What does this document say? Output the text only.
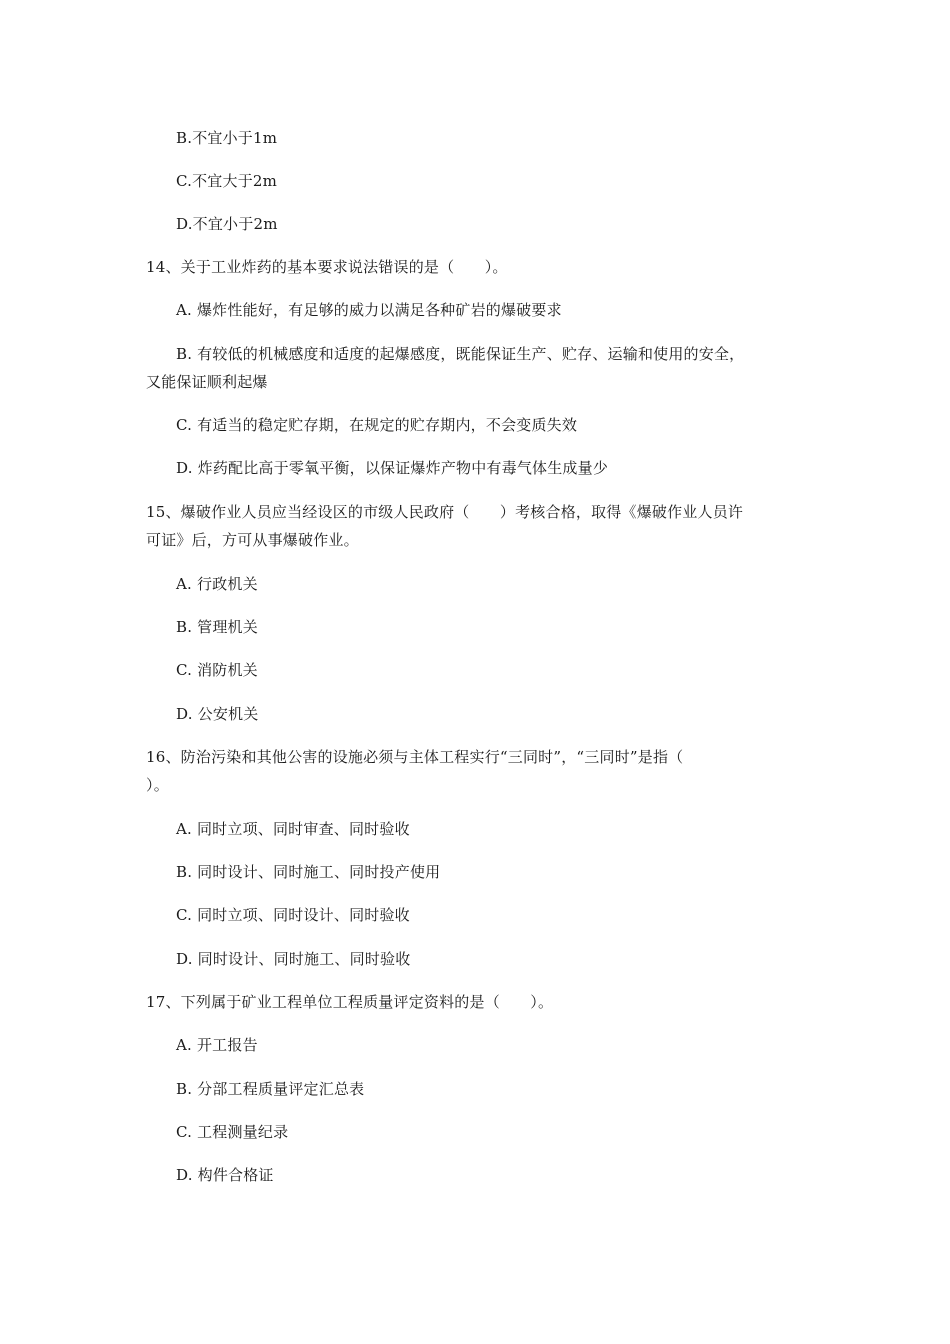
B.不宜小于1m
C.不宜大于2m
D.不宜小于2m
14、关于工业炸药的基本要求说法错误的是（　　）。
A. 爆炸性能好，有足够的威力以满足各种矿岩的爆破要求
B. 有较低的机械感度和适度的起爆感度，既能保证生产、贮存、运输和使用的安全，
又能保证顺利起爆
C. 有适当的稳定贮存期，在规定的贮存期内，不会变质失效
D. 炸药配比高于零氧平衡，以保证爆炸产物中有毒气体生成量少
15、爆破作业人员应当经设区的市级人民政府（　　）考核合格，取得《爆破作业人员许
可证》后，方可从事爆破作业。
A. 行政机关
B. 管理机关
C. 消防机关
D. 公安机关
16、防治污染和其他公害的设施必须与主体工程实行“三同时”，“三同时”是指（
）。
A. 同时立项、同时审查、同时验收
B. 同时设计、同时施工、同时投产使用
C. 同时立项、同时设计、同时验收
D. 同时设计、同时施工、同时验收
17、下列属于矿业工程单位工程质量评定资料的是（　　）。
A. 开工报告
B. 分部工程质量评定汇总表
C. 工程测量纪录
D. 构件合格证
